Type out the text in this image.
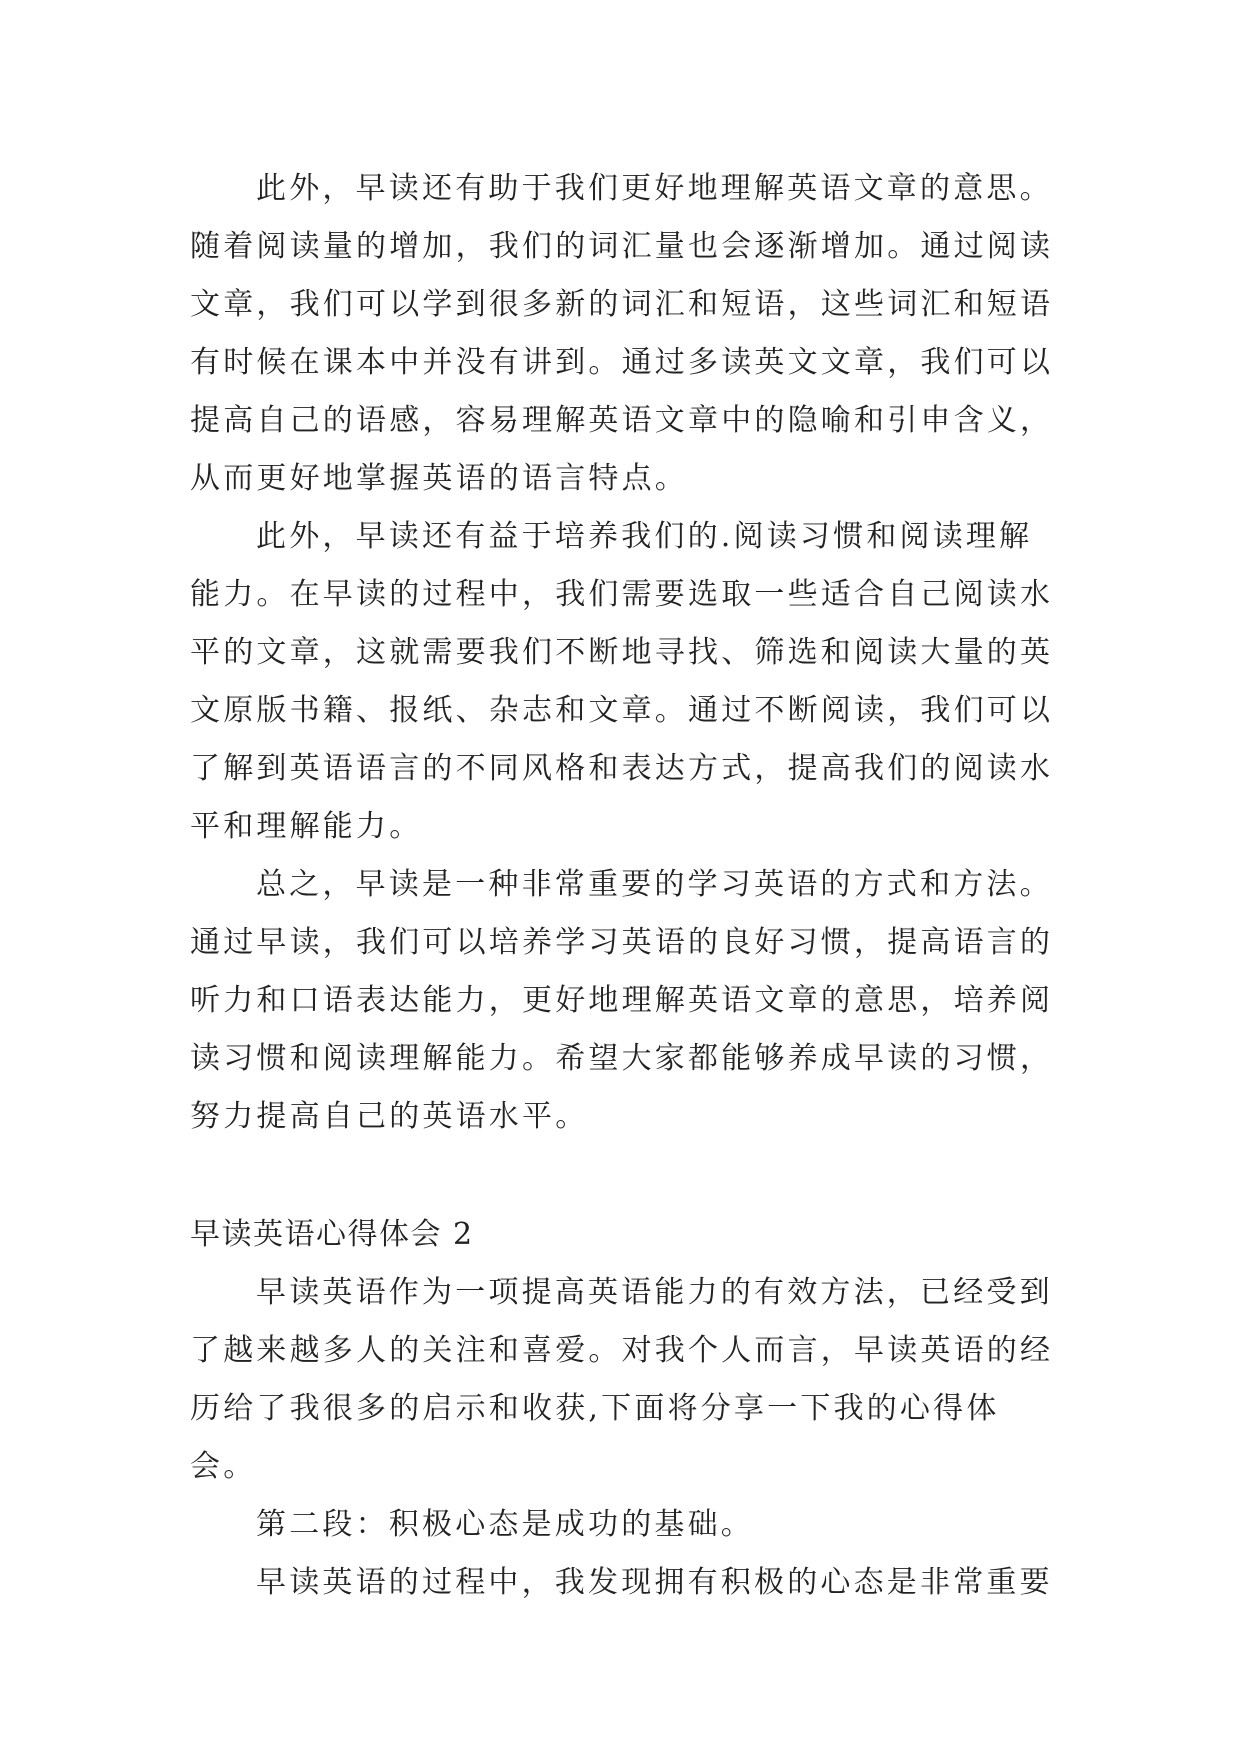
此外，早读还有助于我们更好地理解英语文章的意思。随着阅读量的增加，我们的词汇量也会逐渐增加。通过阅读文章，我们可以学到很多新的词汇和短语，这些词汇和短语有时候在课本中并没有讲到。通过多读英文文章，我们可以提高自己的语感，容易理解英语文章中的隐喻和引申含义，从而更好地掌握英语的语言特点。

此外，早读还有益于培养我们的.阅读习惯和阅读理解能力。在早读的过程中，我们需要选取一些适合自己阅读水平的文章，这就需要我们不断地寻找、筛选和阅读大量的英文原版书籍、报纸、杂志和文章。通过不断阅读，我们可以了解到英语语言的不同风格和表达方式，提高我们的阅读水平和理解能力。

总之，早读是一种非常重要的学习英语的方式和方法。通过早读，我们可以培养学习英语的良好习惯，提高语言的听力和口语表达能力，更好地理解英语文章的意思，培养阅读习惯和阅读理解能力。希望大家都能够养成早读的习惯，努力提高自己的英语水平。

早读英语心得体会 2

早读英语作为一项提高英语能力的有效方法，已经受到了越来越多人的关注和喜爱。对我个人而言，早读英语的经历给了我很多的启示和收获,下面将分享一下我的心得体会。

第二段：积极心态是成功的基础。

早读英语的过程中，我发现拥有积极的心态是非常重要
